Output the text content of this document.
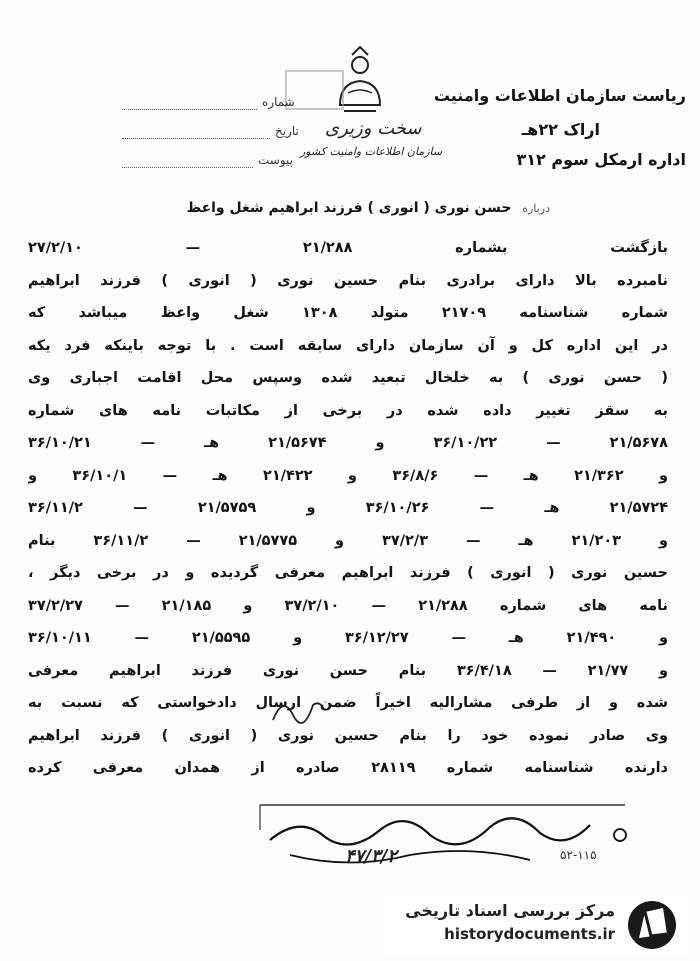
ریاست سازمان اطلاعات وامنیت
شماره
تاریخ
پیوست
سخت وزیری
سازمان اطلاعات وامنیت کشور
اراک ۲۲هـ
اداره ارمکل سوم ۳۱۲
درباره حسن نوری ( انوری ) فرزند ابراهیم شغل واعظ
بازگشت بشماره ۲۱/۲۸۸ — ۲۷/۲/۱۰
نامبرده بالا دارای برادری بنام حسین نوری ( انوری ) فرزند ابراهیم
شماره شناسنامه ۲۱۷۰۹ متولد ۱۳۰۸ شغل واعظ میباشد که
در این اداره کل و آن سازمان دارای سابقه است . با توجه باینکه فرد یکه
( حسن نوری ) به خلخال تبعید شده وسپس محل اقامت اجباری وی
به سقز تغییر داده شده در برخی از مکاتبات نامه های شماره
۲۱/۵۶۷۸ — ۳۶/۱۰/۲۲ و ۲۱/۵۶۷۴ هـ — ۳۶/۱۰/۲۱
و ۲۱/۳۶۲ هـ — ۳۶/۸/۶ و ۲۱/۴۲۲ هـ — ۳۶/۱۰/۱ و
۲۱/۵۷۲۴ هـ — ۳۶/۱۰/۲۶ و ۲۱/۵۷۵۹ — ۳۶/۱۱/۲
و ۲۱/۲۰۳ هـ — ۳۷/۲/۳ و ۲۱/۵۷۷۵ — ۳۶/۱۱/۲ بنام
حسین نوری ( انوری ) فرزند ابراهیم معرفی گردیده و در برخی دیگر ،
نامه های شماره ۲۱/۲۸۸ — ۳۷/۲/۱۰ و ۲۱/۱۸۵ — ۳۷/۲/۲۷
و ۲۱/۴۹۰ هـ — ۳۶/۱۲/۲۷ و ۲۱/۵۵۹۵ — ۳۶/۱۰/۱۱
و ۲۱/۷۷ — ۳۶/۴/۱۸ بنام حسن نوری فرزند ابراهیم معرفی
شده و از طرفی مشارالیه اخیراً ضمن ارسال دادخواستی که نسبت به
وی صادر نموده خود را بنام حسین نوری ( انوری ) فرزند ابراهیم
دارنده شناسنامه شماره ۲۸۱۱۹ صادره از همدان معرفی کرده
۴۷/۳/۲	۵۲-۱۱۵
مرکز بررسی اسناد تاریخی
historydocuments.ir
